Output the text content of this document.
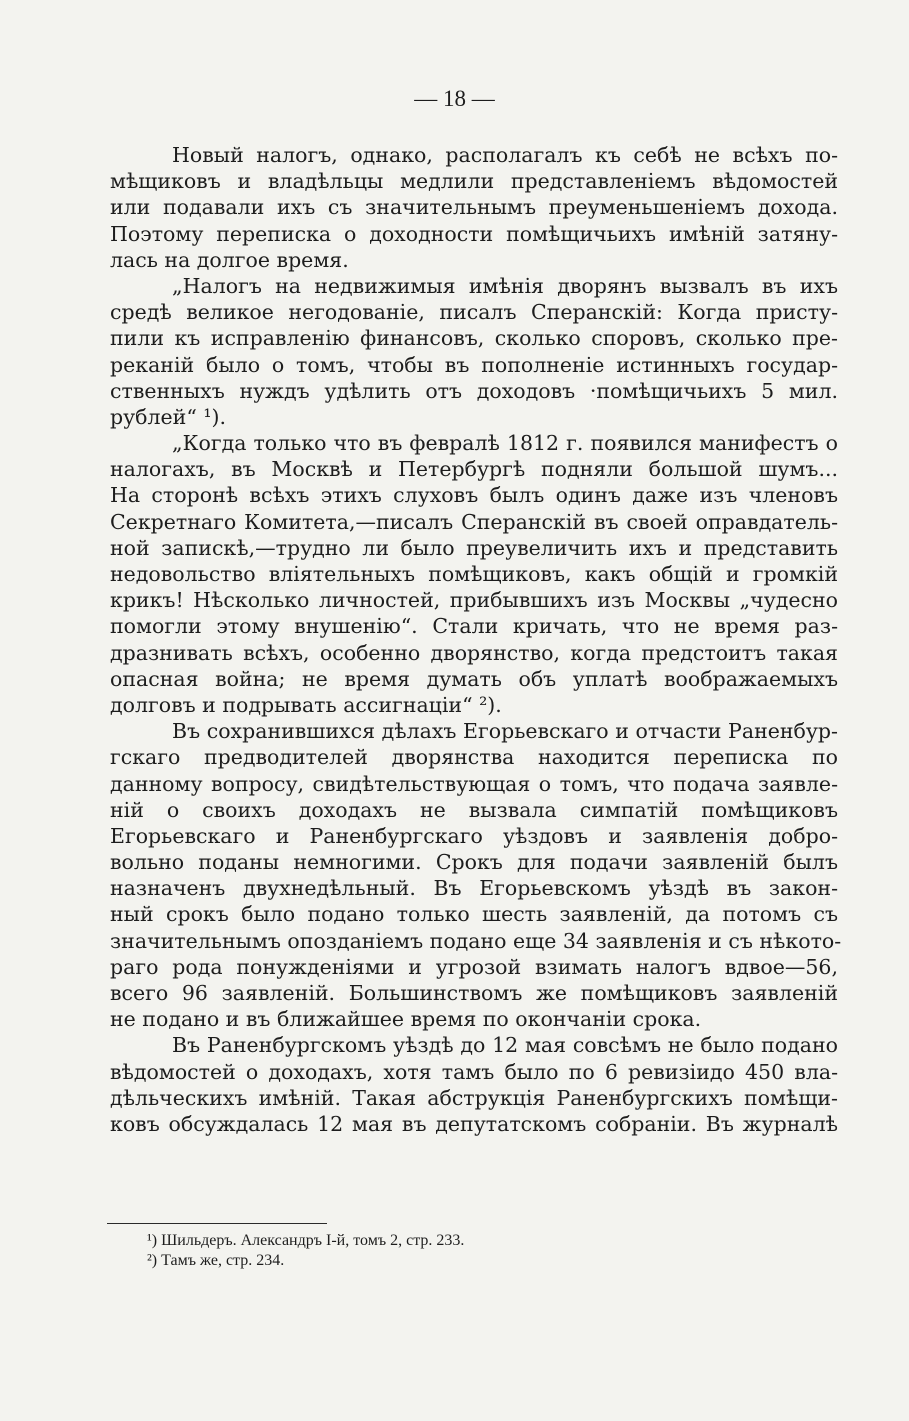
— 18 —
Новый налогъ, однако, располагалъ къ себѣ не всѣхъ по-
мѣщиковъ и владѣльцы медлили представленіемъ вѣдомостей
или подавали ихъ съ значительнымъ преуменьшеніемъ дохода.
Поэтому переписка о доходности помѣщичьихъ имѣній затяну-
лась на долгое время.
„Налогъ на недвижимыя имѣнія дворянъ вызвалъ въ ихъ
средѣ великое негодованіе, писалъ Сперанскій: Когда присту-
пили къ исправленію финансовъ, сколько споровъ, сколько пре-
реканій было о томъ, чтобы въ пополненіе истинныхъ государ-
ственныхъ нуждъ удѣлить отъ доходовъ ·помѣщичьихъ 5 мил.
рублей“ ¹).
„Когда только что въ февралѣ 1812 г. появился манифестъ о
налогахъ, въ Москвѣ и Петербургѣ подняли большой шумъ...
На сторонѣ всѣхъ этихъ слуховъ былъ одинъ даже изъ членовъ
Секретнаго Комитета,—писалъ Сперанскій въ своей оправдатель-
ной запискѣ,—трудно ли было преувеличить ихъ и представить
недовольство вліятельныхъ помѣщиковъ, какъ общій и громкій
крикъ! Нѣсколько личностей, прибывшихъ изъ Москвы „чудесно
помогли этому внушенію“. Стали кричать, что не время раз-
дразнивать всѣхъ, особенно дворянство, когда предстоитъ такая
опасная война; не время думать объ уплатѣ воображаемыхъ
долговъ и подрывать ассигнаціи“ ²).
Въ сохранившихся дѣлахъ Егорьевскаго и отчасти Раненбур-
гскаго предводителей дворянства находится переписка по
данному вопросу, свидѣтельствующая о томъ, что подача заявле-
ній о своихъ доходахъ не вызвала симпатій помѣщиковъ
Егорьевскаго и Раненбургскаго уѣздовъ и заявленія добро-
вольно поданы немногими. Срокъ для подачи заявленій былъ
назначенъ двухнедѣльный. Въ Егорьевскомъ уѣздѣ въ закон-
ный срокъ было подано только шесть заявленій, да потомъ съ
значительнымъ опозданіемъ подано еще 34 заявленія и съ нѣкото-
раго рода понужденіями и угрозой взимать налогъ вдвое—56,
всего 96 заявленій. Большинствомъ же помѣщиковъ заявленій
не подано и въ ближайшее время по окончаніи срока.
Въ Раненбургскомъ уѣздѣ до 12 мая совсѣмъ не было подано
вѣдомостей о доходахъ, хотя тамъ было по 6 ревизіидо 450 вла-
дѣльческихъ имѣній. Такая абструкція Раненбургскихъ помѣщи-
ковъ обсуждалась 12 мая въ депутатскомъ собраніи. Въ журналѣ
¹) Шильдеръ. Александръ I-й, томъ 2, стр. 233.
²) Тамъ же, стр. 234.
